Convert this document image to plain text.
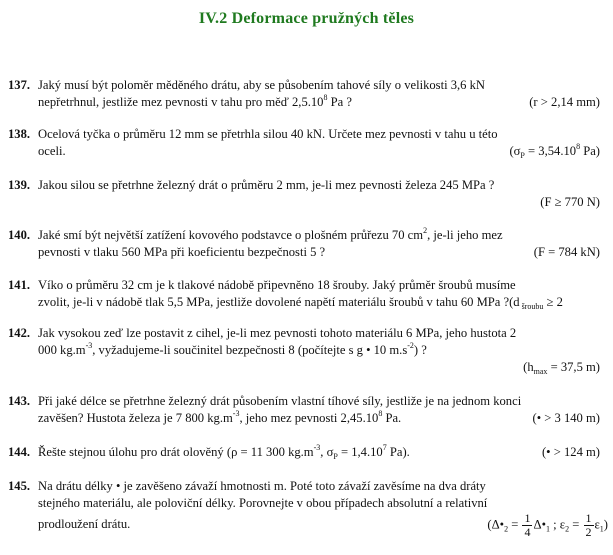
IV.2 Deformace pružných těles
137. Jaký musí být poloměr měděného drátu, aby se působením tahové síly o velikosti 3,6 kN
nepřetrhnul, jestliže mez pevnosti v tahu pro měď 2,5.10$^8$ Pa ?	(r > 2,14 mm)
138. Ocelová tyčka o průměru 12 mm se přetrhla silou 40 kN. Určete mez pevnosti v tahu u této
oceli.	($\sigma_P = 3,54.10^8$ Pa)
139. Jakou silou se přetrhne železný drát o průměru 2 mm, je-li mez pevnosti železa 245 MPa ?

(F ≥ 770 N)
140. Jaké smí být největší zatížení kovového podstavce o plošném průřezu 70 $cm^2$, je-li jeho mez
pevnosti v tlaku 560 MPa při koeficientu bezpečnosti 5 ?	(F = 784 kN)
141. Víko o průměru 32 cm je k tlakové nádobě připevněno 18 šrouby. Jaký průměr šroubů musíme
zvolit, je-li v nádobě tlak 5,5 MPa, jestliže dovolené napětí materiálu šroubů v tahu 60 MPa ?(d $_{šroubu}$ ≥ 2
142. Jak vysokou zeď lze postavit z cihel, je-li mez pevnosti tohoto materiálu 6 MPa, jeho hustota 2
000 $kg.m^{-3}$, vyžadujeme-li součinitel bezpečnosti 8 (počítejte s g • 10 $m.s^{-2}$) ?

($h_{max} = 37,5$ m)
143. Při jaké délce se přetrhne železný drát působením vlastní tíhové síly, jestliže je na jednom konci
zavěšen? Hustota železa je 7 800 $kg.m^{-3}$, jeho mez pevnosti 2,45.10$^8$ Pa.	(• > 3 140 m)
144. Řešte stejnou úlohu pro drát olověný (ρ = 11 300 $kg.m^{-3}$, $\sigma_P = 1,4.10^7$ Pa).	(• > 124 m)
145. Na drátu délky • je zavěšeno závaží hmotnosti m. Poté toto závaží zavěsíme na dva dráty
stejného materiálu, ale poloviční délky. Porovnejte v obou případech absolutní a relativní
prodloužení drátu.	($\Delta•_2 = \frac{1}{4}$ $\Delta•_1$ ; $\varepsilon_2 = \frac{1}{2} \varepsilon_1$)
